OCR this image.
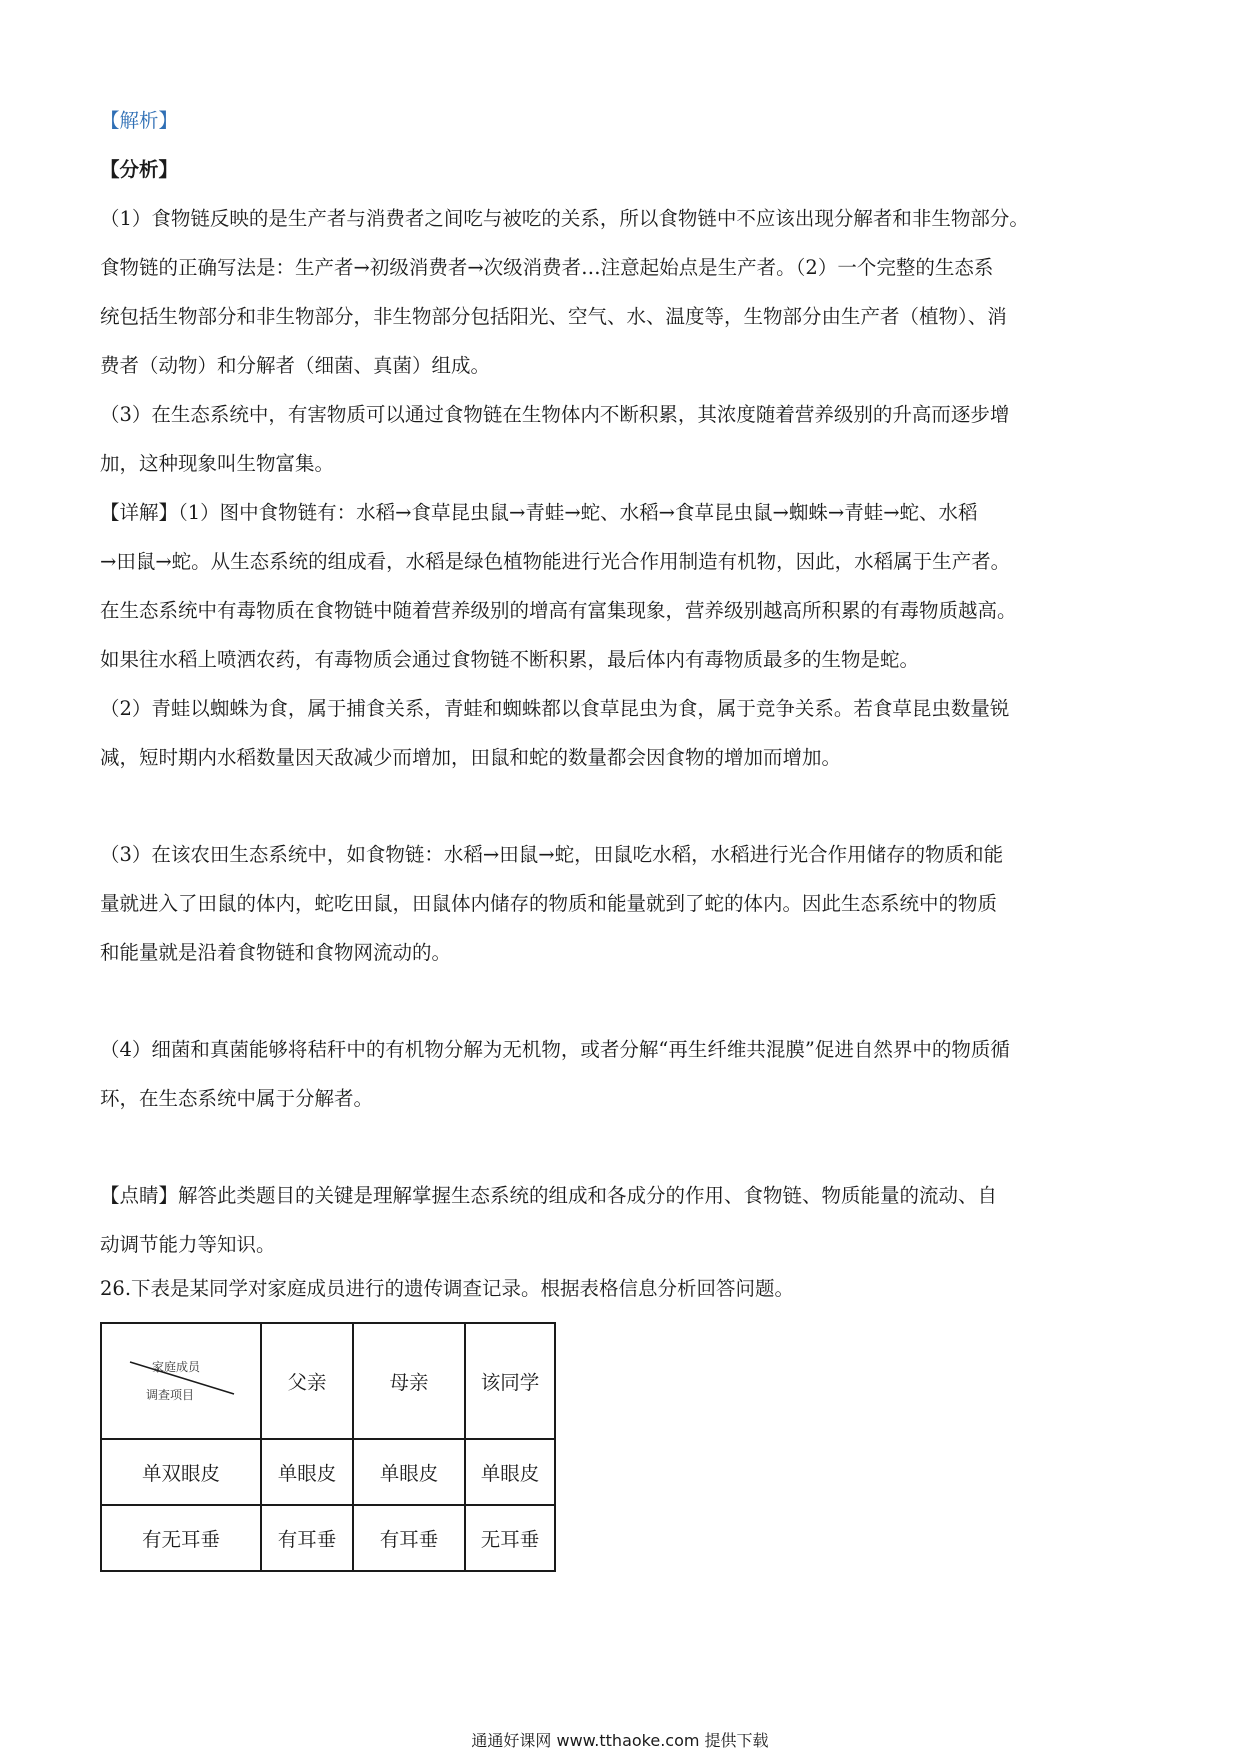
【解析】
【分析】
（1）食物链反映的是生产者与消费者之间吃与被吃的关系，所以食物链中不应该出现分解者和非生物部分。
食物链的正确写法是：生产者→初级消费者→次级消费者…注意起始点是生产者。（2）一个完整的生态系
统包括生物部分和非生物部分，非生物部分包括阳光、空气、水、温度等，生物部分由生产者（植物）、消
费者（动物）和分解者（细菌、真菌）组成。
（3）在生态系统中，有害物质可以通过食物链在生物体内不断积累，其浓度随着营养级别的升高而逐步增
加，这种现象叫生物富集。
【详解】（1）图中食物链有：水稻→食草昆虫鼠→青蛙→蛇、水稻→食草昆虫鼠→蜘蛛→青蛙→蛇、水稻
→田鼠→蛇。从生态系统的组成看，水稻是绿色植物能进行光合作用制造有机物，因此，水稻属于生产者。
在生态系统中有毒物质在食物链中随着营养级别的增高有富集现象，营养级别越高所积累的有毒物质越高。
如果往水稻上喷洒农药，有毒物质会通过食物链不断积累，最后体内有毒物质最多的生物是蛇。
（2）青蛙以蜘蛛为食，属于捕食关系，青蛙和蜘蛛都以食草昆虫为食，属于竞争关系。若食草昆虫数量锐
减，短时期内水稻数量因天敌减少而增加，田鼠和蛇的数量都会因食物的增加而增加。
（3）在该农田生态系统中，如食物链：水稻→田鼠→蛇，田鼠吃水稻，水稻进行光合作用储存的物质和能
量就进入了田鼠的体内，蛇吃田鼠，田鼠体内储存的物质和能量就到了蛇的体内。因此生态系统中的物质
和能量就是沿着食物链和食物网流动的。
（4）细菌和真菌能够将秸秆中的有机物分解为无机物，或者分解“再生纤维共混膜”促进自然界中的物质循
环，在生态系统中属于分解者。
【点睛】解答此类题目的关键是理解掌握生态系统的组成和各成分的作用、食物链、物质能量的流动、自
动调节能力等知识。
26.下表是某同学对家庭成员进行的遗传调查记录。根据表格信息分析回答问题。
家庭成员
调查项目	父亲	母亲	该同学
单双眼皮	单眼皮	单眼皮	单眼皮
有无耳垂	有耳垂	有耳垂	无耳垂
通通好课网 www.tthaoke.com 提供下载
